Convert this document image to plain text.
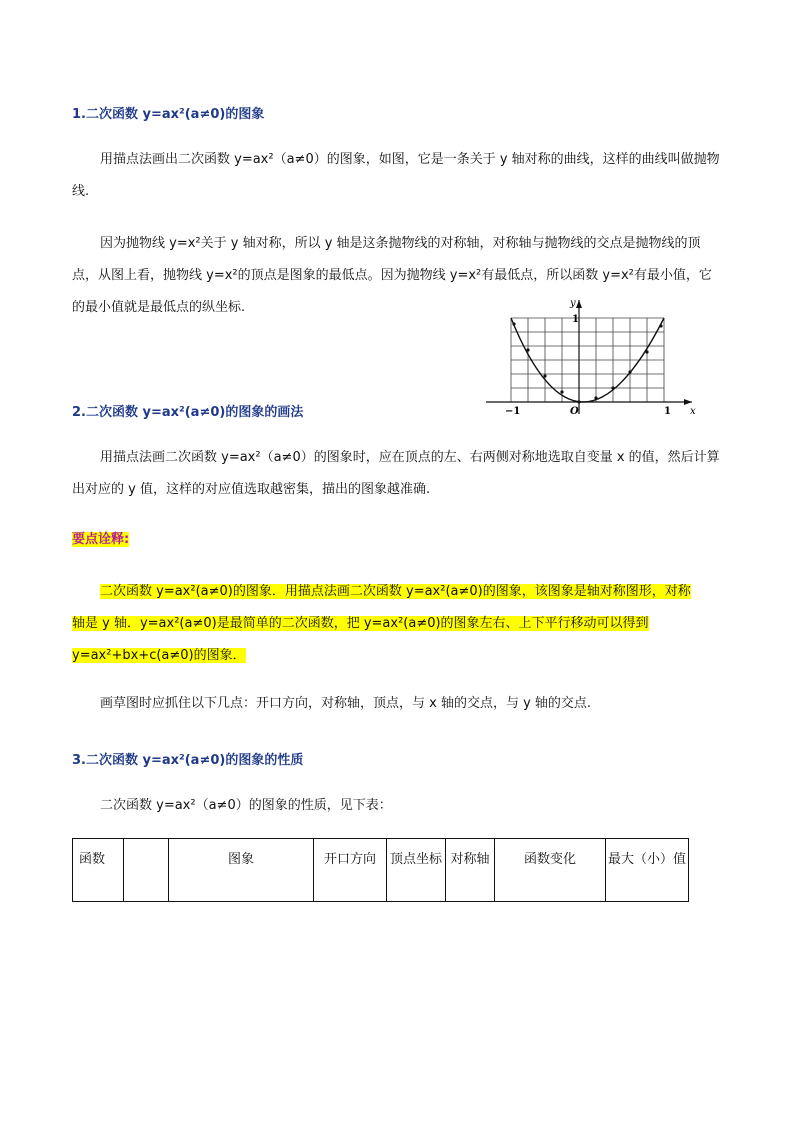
1.二次函数 y=ax²(a≠0)的图象
用描点法画出二次函数 y=ax²（a≠0）的图象，如图，它是一条关于 y 轴对称的曲线，这样的曲线叫做抛物线.
因为抛物线 y=x²关于 y 轴对称，所以 y 轴是这条抛物线的对称轴，对称轴与抛物线的交点是抛物线的顶点，从图上看，抛物线 y=x²的顶点是图象的最低点。因为抛物线 y=x²有最低点，所以函数 y=x²有最小值，它的最小值就是最低点的纵坐标.	y
x
1
−1	1
O
2.二次函数 y=ax²(a≠0)的图象的画法
用描点法画二次函数 y=ax²（a≠0）的图象时，应在顶点的左、右两侧对称地选取自变量 x 的值，然后计算出对应的 y 值，这样的对应值选取越密集，描出的图象越准确.
要点诠释:
二次函数 y=ax²(a≠0)的图象．用描点法画二次函数 y=ax²(a≠0)的图象，该图象是轴对称图形，对称
轴是 y 轴．y=ax²(a≠0)是最简单的二次函数，把 y=ax²(a≠0)的图象左右、上下平行移动可以得到
y=ax²+bx+c(a≠0)的图象．
画草图时应抓住以下几点：开口方向，对称轴，顶点，与 x 轴的交点，与 y 轴的交点.
3.二次函数 y=ax²(a≠0)的图象的性质
二次函数 y=ax²（a≠0）的图象的性质，见下表：
函数		图象	开口方向	顶点坐标	对称轴	函数变化	最大（小）值
